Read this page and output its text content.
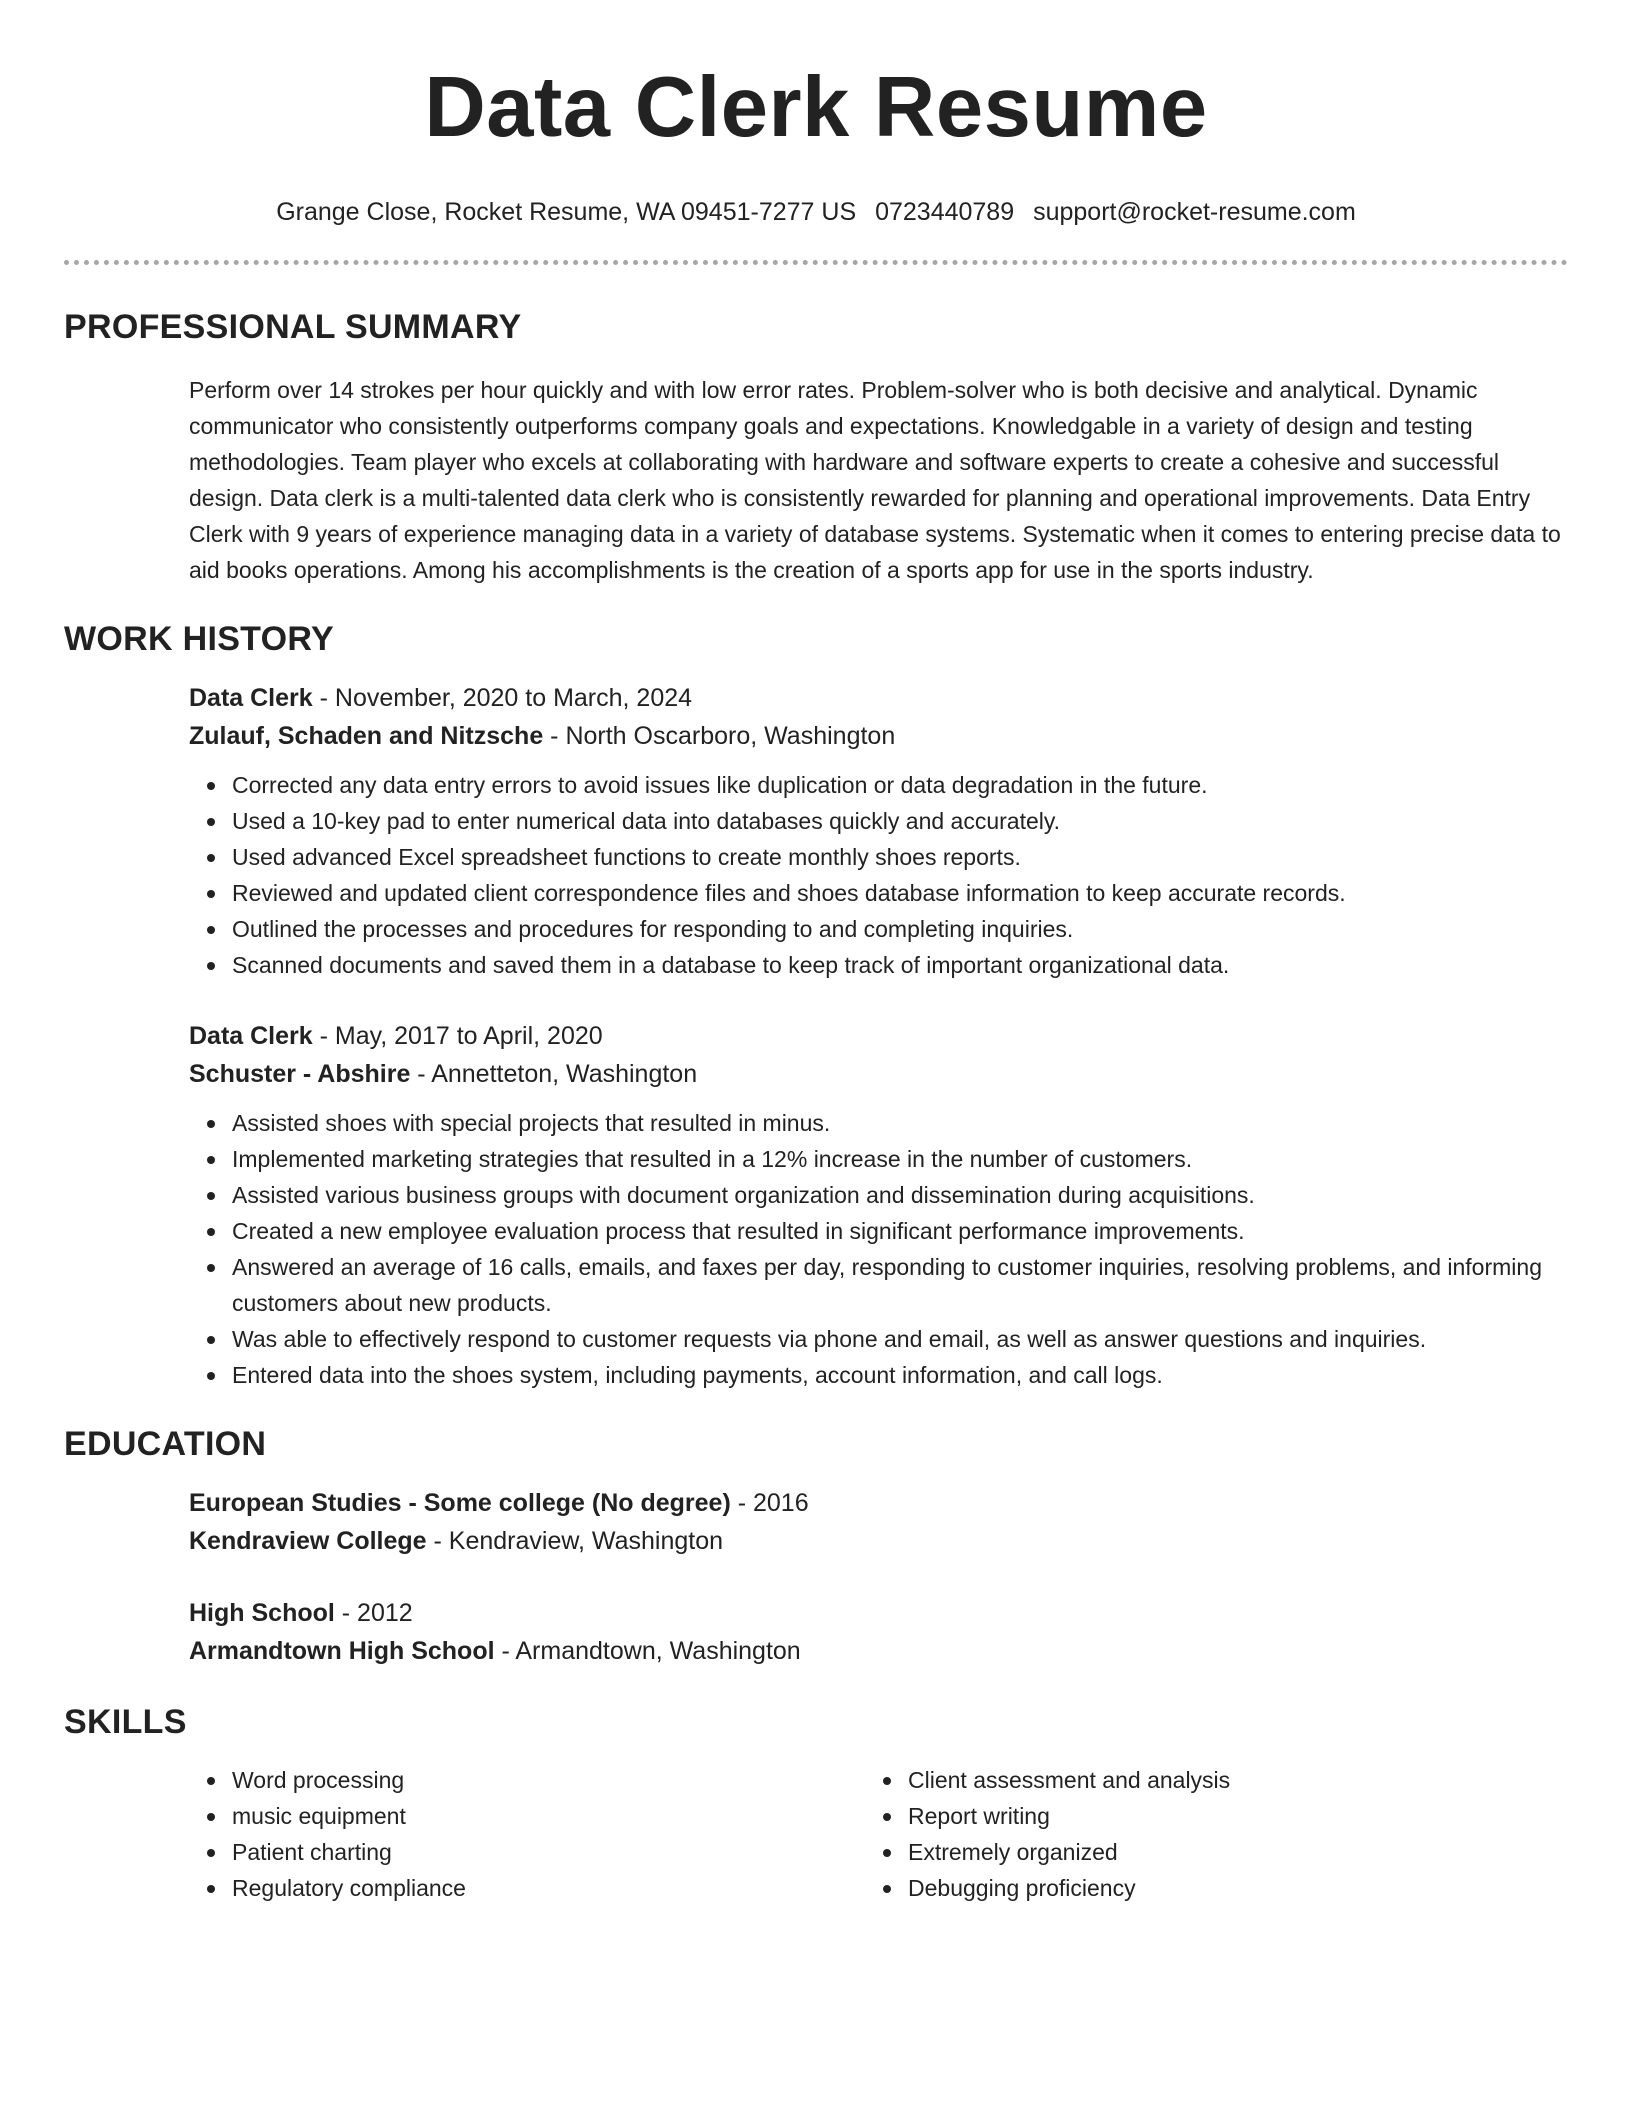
Data Clerk Resume
Grange Close, Rocket Resume, WA 09451-7277 US 0723440789 support@rocket-resume.com
PROFESSIONAL SUMMARY

Perform over 14 strokes per hour quickly and with low error rates. Problem-solver who is both decisive and analytical. Dynamic communicator who consistently outperforms company goals and expectations. Knowledgable in a variety of design and testing methodologies. Team player who excels at collaborating with hardware and software experts to create a cohesive and successful design. Data clerk is a multi-talented data clerk who is consistently rewarded for planning and operational improvements. Data Entry Clerk with 9 years of experience managing data in a variety of database systems. Systematic when it comes to entering precise data to aid books operations. Among his accomplishments is the creation of a sports app for use in the sports industry.

WORK HISTORY
Data Clerk - November, 2020 to March, 2024
Zulauf, Schaden and Nitzsche - North Oscarboro, Washington
Corrected any data entry errors to avoid issues like duplication or data degradation in the future.
Used a 10-key pad to enter numerical data into databases quickly and accurately.
Used advanced Excel spreadsheet functions to create monthly shoes reports.
Reviewed and updated client correspondence files and shoes database information to keep accurate records.
Outlined the processes and procedures for responding to and completing inquiries.
Scanned documents and saved them in a database to keep track of important organizational data.
Data Clerk - May, 2017 to April, 2020
Schuster - Abshire - Annetteton, Washington
Assisted shoes with special projects that resulted in minus.
Implemented marketing strategies that resulted in a 12% increase in the number of customers.
Assisted various business groups with document organization and dissemination during acquisitions.
Created a new employee evaluation process that resulted in significant performance improvements.
Answered an average of 16 calls, emails, and faxes per day, responding to customer inquiries, resolving problems, and informing customers about new products.
Was able to effectively respond to customer requests via phone and email, as well as answer questions and inquiries.
Entered data into the shoes system, including payments, account information, and call logs.
EDUCATION
European Studies - Some college (No degree) - 2016
Kendraview College - Kendraview, Washington
High School - 2012
Armandtown High School - Armandtown, Washington
SKILLS
Word processing
music equipment
Patient charting
Regulatory compliance
Client assessment and analysis
Report writing
Extremely organized
Debugging proficiency
